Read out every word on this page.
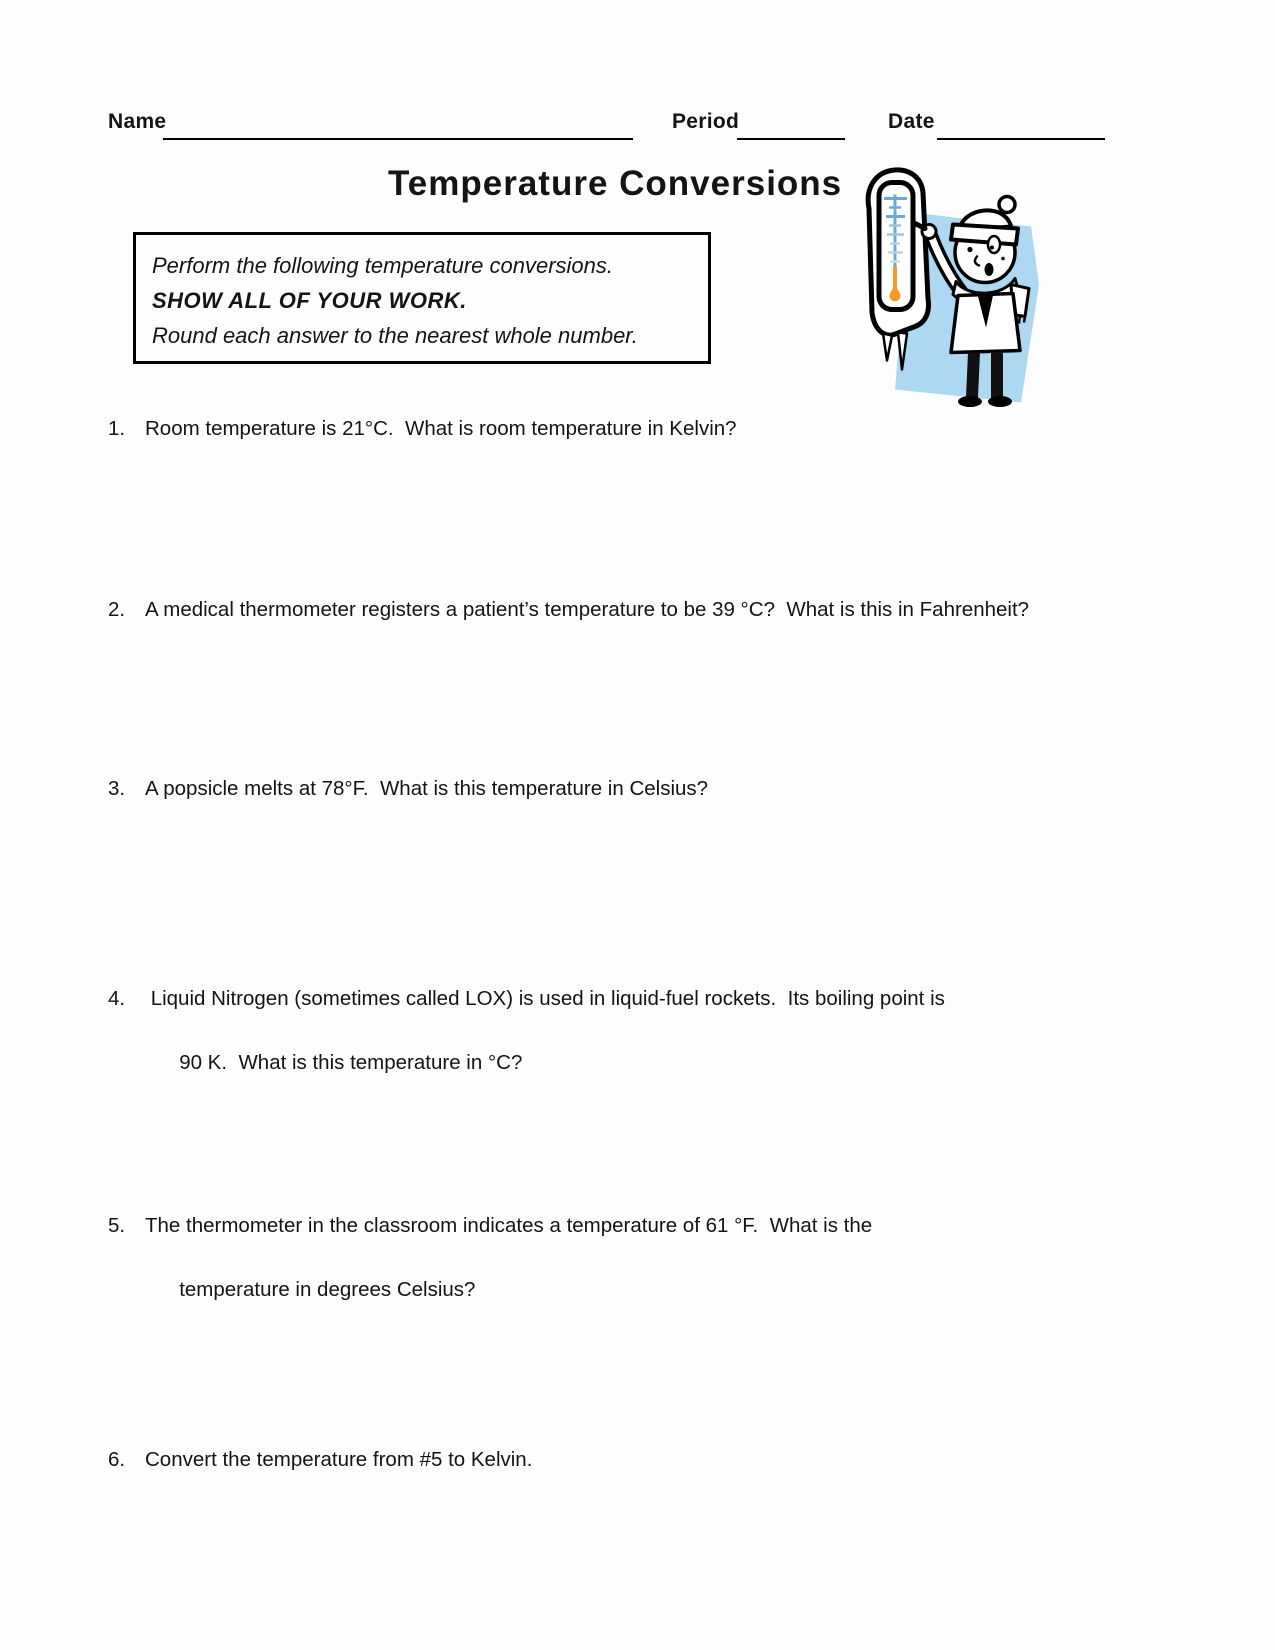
Name	Period	Date
Temperature Conversions
Perform the following temperature conversions.
SHOW ALL OF YOUR WORK.
Round each answer to the nearest whole number.
1. Room temperature is 21°C.  What is room temperature in Kelvin?
2. A medical thermometer registers a patient’s temperature to be 39 °C?  What is this in Fahrenheit?
3. A popsicle melts at 78°F.  What is this temperature in Celsius?
4. Liquid Nitrogen (sometimes called LOX) is used in liquid-fuel rockets.  Its boiling point is

90 K.  What is this temperature in °C?
5. The thermometer in the classroom indicates a temperature of 61 °F.  What is the

temperature in degrees Celsius?
6. Convert the temperature from #5 to Kelvin.
